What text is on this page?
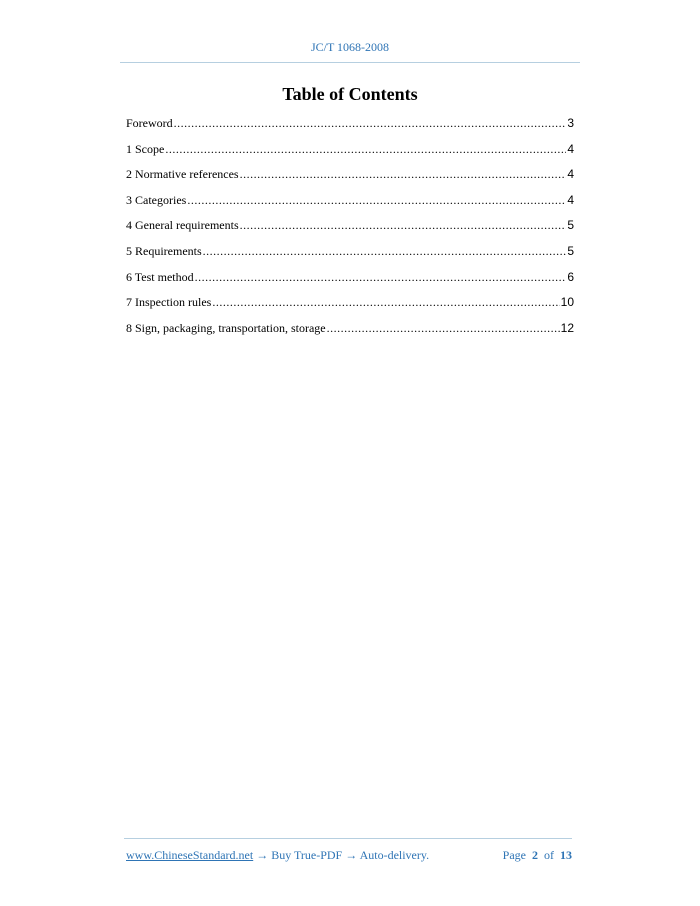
JC/T 1068-2008
Table of Contents
Foreword .....	3
1 Scope .....	4
2 Normative references .....	4
3 Categories .....	4
4 General requirements .....	5
5 Requirements .....	5
6 Test method .....	6
7 Inspection rules .....	10
8 Sign, packaging, transportation, storage .....	12
www.ChineseStandard.net → Buy True-PDF → Auto-delivery.	Page 2 of 13
